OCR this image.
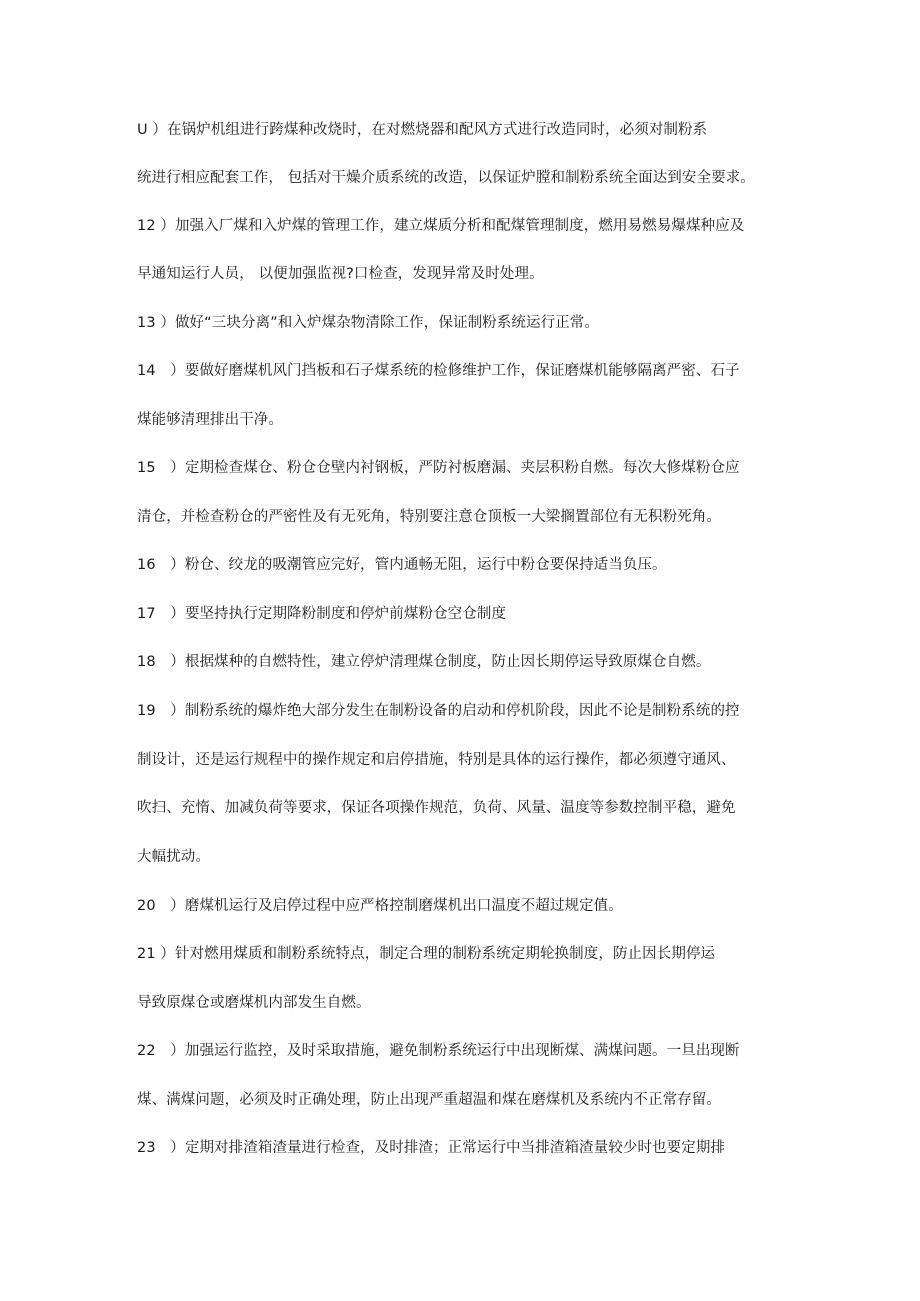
U ）在锅炉机组进行跨煤种改烧时，在对燃烧器和配风方式进行改造同时，必须对制粉系
统进行相应配套工作， 包括对干燥介质系统的改造，以保证炉膛和制粉系统全面达到安全要求。
12 ）加强入厂煤和入炉煤的管理工作，建立煤质分析和配煤管理制度，燃用易燃易爆煤种应及
早通知运行人员， 以便加强监视?口检查，发现异常及时处理。
13 ）做好“三块分离”和入炉煤杂物清除工作，保证制粉系统运行正常。
14　）要做好磨煤机风门挡板和石子煤系统的检修维护工作，保证磨煤机能够隔离严密、石子
煤能够清理排出干净。
15　）定期检查煤仓、粉仓仓壁内衬钢板，严防衬板磨漏、夹层积粉自燃。每次大修煤粉仓应
清仓，并检查粉仓的严密性及有无死角，特别要注意仓顶板一大梁搁置部位有无积粉死角。
16　）粉仓、绞龙的吸潮管应完好，管内通畅无阻，运行中粉仓要保持适当负压。
17　）要坚持执行定期降粉制度和停炉前煤粉仓空仓制度
18　）根据煤种的自燃特性，建立停炉清理煤仓制度，防止因长期停运导致原煤仓自燃。
19　）制粉系统的爆炸绝大部分发生在制粉设备的启动和停机阶段，因此不论是制粉系统的控
制设计，还是运行规程中的操作规定和启停措施，特别是具体的运行操作，都必须遵守通风、
吹扫、充惰、加减负荷等要求，保证各项操作规范，负荷、风量、温度等参数控制平稳，避免
大幅扰动。
20　）磨煤机运行及启停过程中应严格控制磨煤机出口温度不超过规定值。
21 ）针对燃用煤质和制粉系统特点，制定合理的制粉系统定期轮换制度，防止因长期停运
导致原煤仓或磨煤机内部发生自燃。
22　）加强运行监控，及时采取措施，避免制粉系统运行中出现断煤、满煤问题。一旦出现断
煤、满煤问题，必须及时正确处理，防止出现严重超温和煤在磨煤机及系统内不正常存留。
23　）定期对排渣箱渣量进行检查，及时排渣；正常运行中当排渣箱渣量较少时也要定期排
